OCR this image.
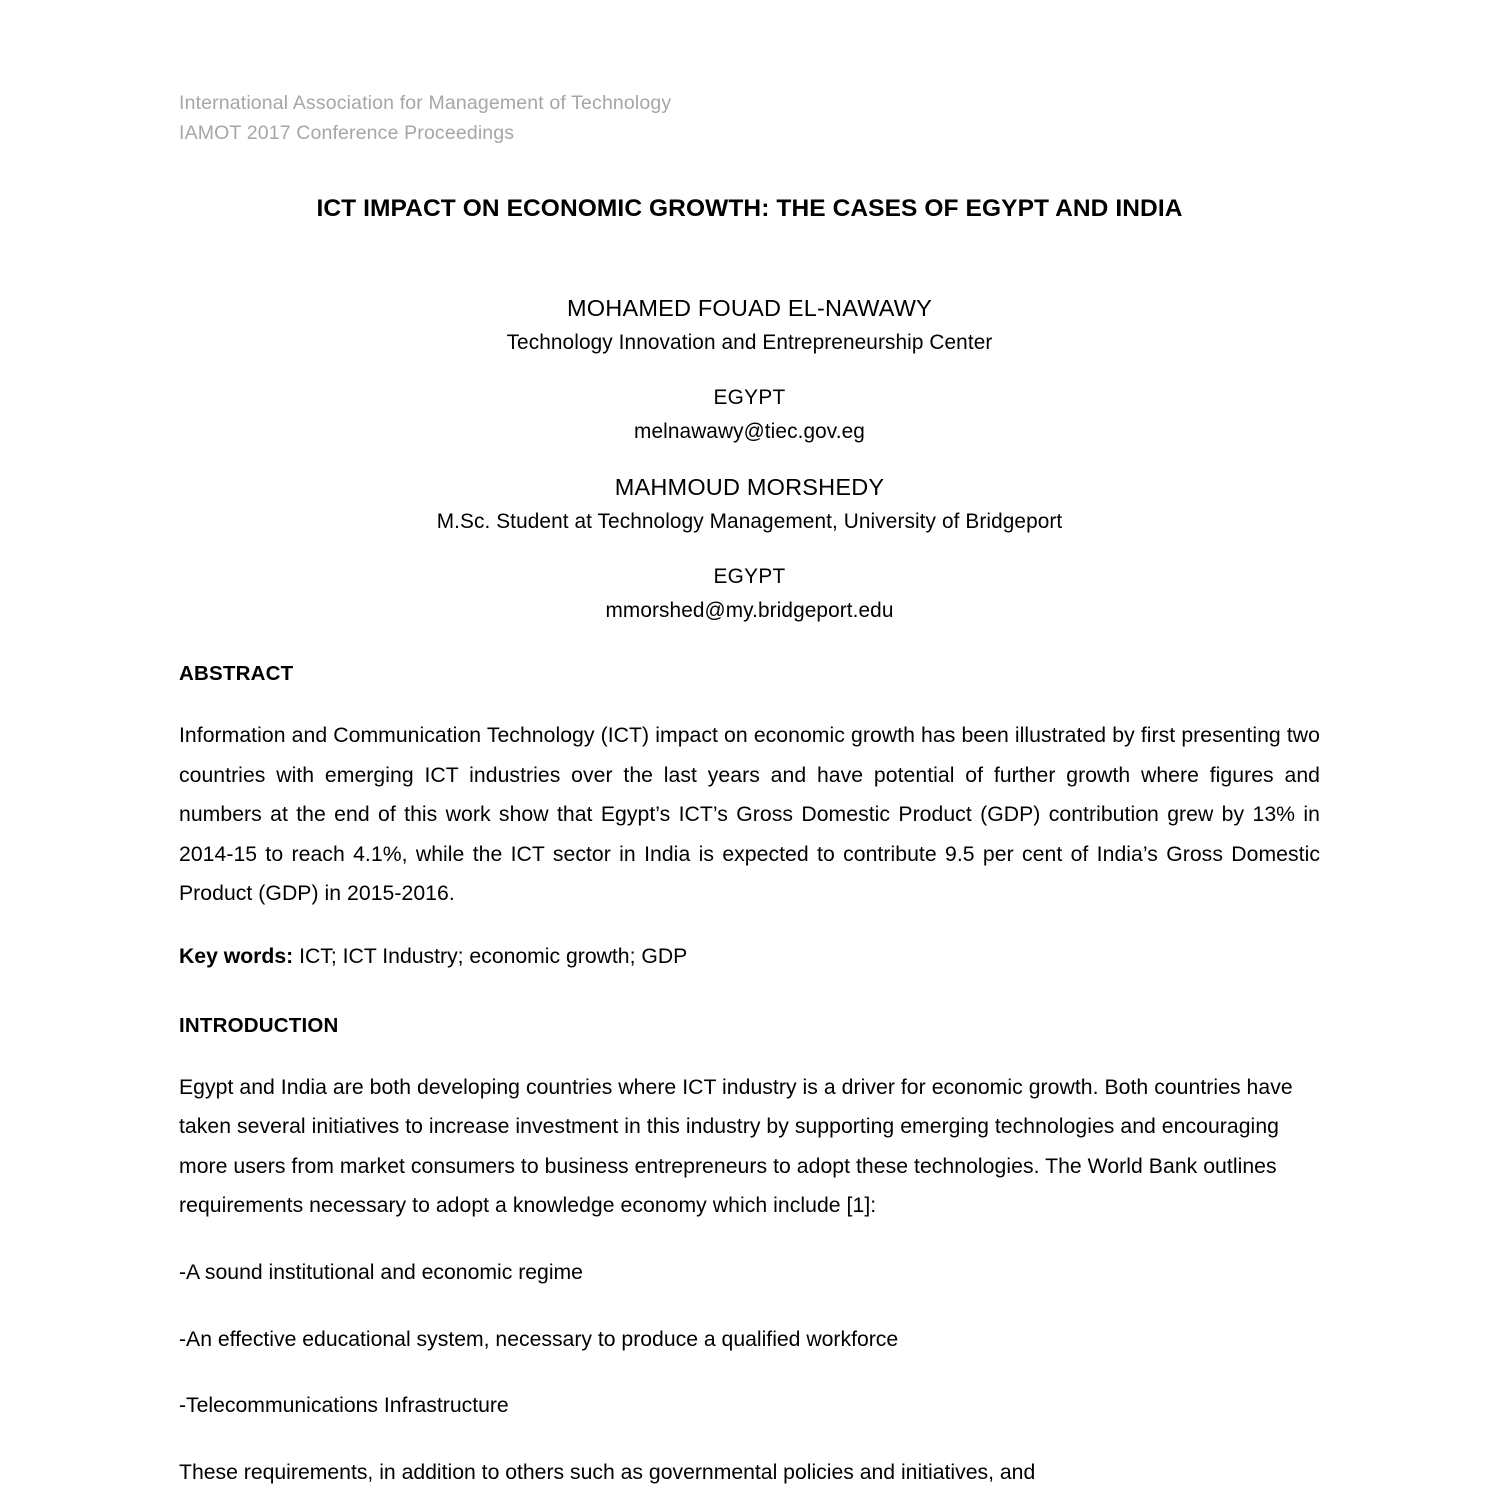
International Association for Management of Technology
IAMOT 2017 Conference Proceedings
ICT IMPACT ON ECONOMIC GROWTH: THE CASES OF EGYPT AND INDIA
MOHAMED FOUAD EL-NAWAWY
Technology Innovation and Entrepreneurship Center
EGYPT
melnawawy@tiec.gov.eg
MAHMOUD MORSHEDY
M.Sc. Student at Technology Management, University of Bridgeport
EGYPT
mmorshed@my.bridgeport.edu
ABSTRACT
Information and Communication Technology (ICT) impact on economic growth has been illustrated by first presenting two countries with emerging ICT industries over the last years and have potential of further growth where figures and numbers at the end of this work show that Egypt’s ICT’s Gross Domestic Product (GDP) contribution grew by 13% in 2014-15 to reach 4.1%, while the ICT sector in India is expected to contribute 9.5 per cent of India’s Gross Domestic Product (GDP) in 2015-2016.
Key words: ICT; ICT Industry; economic growth; GDP
INTRODUCTION
Egypt and India are both developing countries where ICT industry is a driver for economic growth. Both countries have taken several initiatives to increase investment in this industry by supporting emerging technologies and encouraging more users from market consumers to business entrepreneurs to adopt these technologies. The World Bank outlines requirements necessary to adopt a knowledge economy which include [1]:
-A sound institutional and economic regime
-An effective educational system, necessary to produce a qualified workforce
-Telecommunications Infrastructure
These requirements, in addition to others such as governmental policies and initiatives, and
